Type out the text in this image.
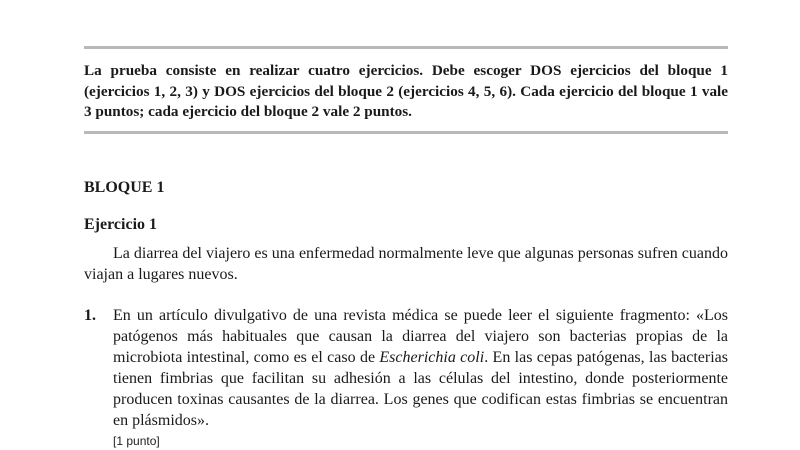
La prueba consiste en realizar cuatro ejercicios. Debe escoger DOS ejercicios del bloque 1 (ejercicios 1, 2, 3) y DOS ejercicios del bloque 2 (ejercicios 4, 5, 6). Cada ejercicio del bloque 1 vale 3 puntos; cada ejercicio del bloque 2 vale 2 puntos.
BLOQUE 1
Ejercicio 1

La diarrea del viajero es una enfermedad normalmente leve que algunas personas sufren cuando viajan a lugares nuevos.

1. En un artículo divulgativo de una revista médica se puede leer el siguiente fragmento: «Los patógenos más habituales que causan la diarrea del viajero son bacterias propias de la microbiota intestinal, como es el caso de Escherichia coli. En las cepas patógenas, las bacterias tienen fimbrias que facilitan su adhesión a las células del intestino, donde posteriormente producen toxinas causantes de la diarrea. Los genes que codifican estas fimbrias se encuentran en plásmidos».
[1 punto]
